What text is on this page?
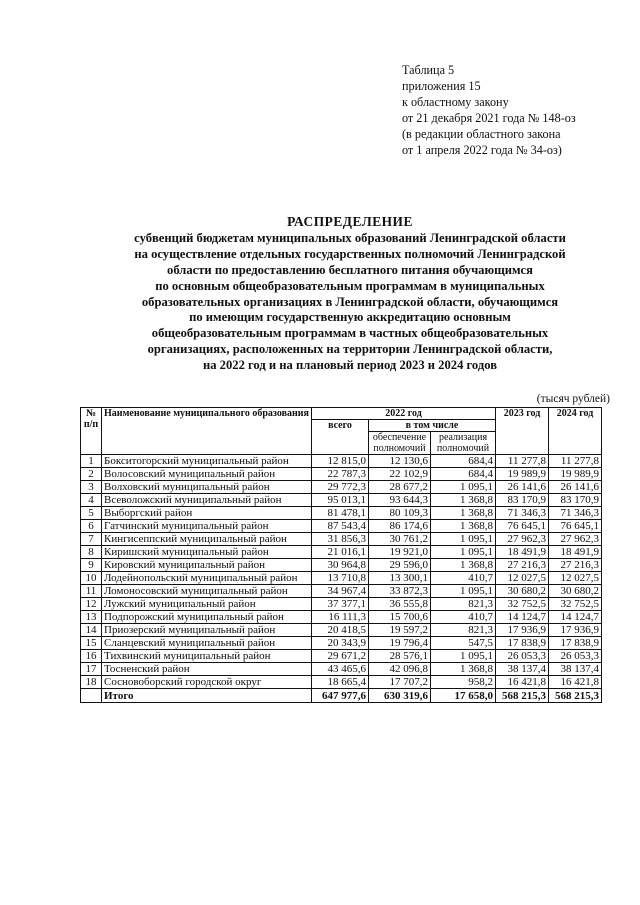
Таблица 5
приложения 15
к областному закону
от 21 декабря 2021 года № 148-оз
(в редакции областного закона
от 1 апреля 2022 года № 34-оз)
РАСПРЕДЕЛЕНИЕ
субвенций бюджетам муниципальных образований Ленинградской области
на осуществление отдельных государственных полномочий Ленинградской
области по предоставлению бесплатного питания обучающимся
по основным общеобразовательным программам в муниципальных
образовательных организациях в Ленинградской области, обучающимся
по имеющим государственную аккредитацию основным
общеобразовательным программам в частных общеобразовательных
организациях, расположенных на территории Ленинградской области,
на 2022 год и на плановый период 2023 и 2024 годов
(тысяч рублей)
№ п/п	Наименование муниципального образования	2022 год			2023 год	2024 год
		всего	в том числе			
			обеспечение полномочий	реализация полномочий		
1	Бокситогорский муниципальный район	12 815,0	12 130,6	684,4	11 277,8	11 277,8
2	Волосовский муниципальный район	22 787,3	22 102,9	684,4	19 989,9	19 989,9
3	Волховский муниципальный район	29 772,3	28 677,2	1 095,1	26 141,6	26 141,6
4	Всеволожский муниципальный район	95 013,1	93 644,3	1 368,8	83 170,9	83 170,9
5	Выборгский район	81 478,1	80 109,3	1 368,8	71 346,3	71 346,3
6	Гатчинский муниципальный район	87 543,4	86 174,6	1 368,8	76 645,1	76 645,1
7	Кингисеппский муниципальный район	31 856,3	30 761,2	1 095,1	27 962,3	27 962,3
8	Киришский муниципальный район	21 016,1	19 921,0	1 095,1	18 491,9	18 491,9
9	Кировский муниципальный район	30 964,8	29 596,0	1 368,8	27 216,3	27 216,3
10	Лодейнопольский муниципальный район	13 710,8	13 300,1	410,7	12 027,5	12 027,5
11	Ломоносовский муниципальный район	34 967,4	33 872,3	1 095,1	30 680,2	30 680,2
12	Лужский муниципальный район	37 377,1	36 555,8	821,3	32 752,5	32 752,5
13	Подпорожский муниципальный район	16 111,3	15 700,6	410,7	14 124,7	14 124,7
14	Приозерский муниципальный район	20 418,5	19 597,2	821,3	17 936,9	17 936,9
15	Сланцевский муниципальный район	20 343,9	19 796,4	547,5	17 838,9	17 838,9
16	Тихвинский муниципальный район	29 671,2	28 576,1	1 095,1	26 053,3	26 053,3
17	Тосненский район	43 465,6	42 096,8	1 368,8	38 137,4	38 137,4
18	Сосновоборский городской округ	18 665,4	17 707,2	958,2	16 421,8	16 421,8
	Итого	647 977,6	630 319,6	17 658,0	568 215,3	568 215,3
